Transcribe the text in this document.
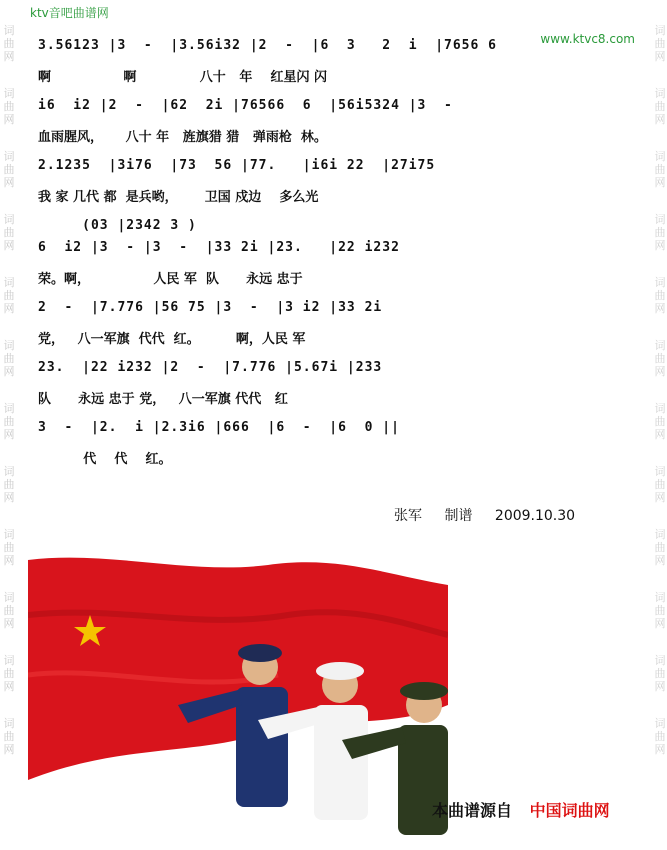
词
曲
网
词
曲
网
词
曲
网
词
曲
网
词
曲
网
词
曲
网
词
曲
网
词
曲
网
词
曲
网
词
曲
网
词
曲
网
词
曲
网
词
曲
网
词
曲
网
词
曲
网
词
曲
网
词
曲
网
词
曲
网
词
曲
网
词
曲
网
词
曲
网
词
曲
网
词
曲
网
词
曲
网
ktv音吧曲谱网
www.ktvc8.com
3.56123 |3  -  |3.56i32 |2  -  |6  3   2  i  |7656 6
啊                啊              八十   年    红星闪 闪
i6  i2 |2  -  |62  2i |76566  6  |56i5324 |3  -
血雨腥风，     八十 年   旌旗猎 猎   弹雨枪  林。
2.1235  |3i76  |73  56 |77.   |i6i 22  |27i75
我 家 几代 都  是兵哟，      卫国 戍边    多么光
(03 |2342 3 )
6  i2 |3  - |3  -  |33 2i |23.   |22 i232
荣。啊，              人民 军  队      永远 忠于
2  -  |7.776 |56 75 |3  -  |3 i2 |33 2i
党，   八一军旗  代代  红。        啊，人民 军
23.  |22 i232 |2  -  |7.776 |5.67i |233
队      永远 忠于 党，   八一军旗 代代   红
3  -  |2.  i |2.3i6 |666  |6  -  |6  0 ||
代    代    红。
张军 制谱 2009.10.30
本曲谱源自 中国词曲网
